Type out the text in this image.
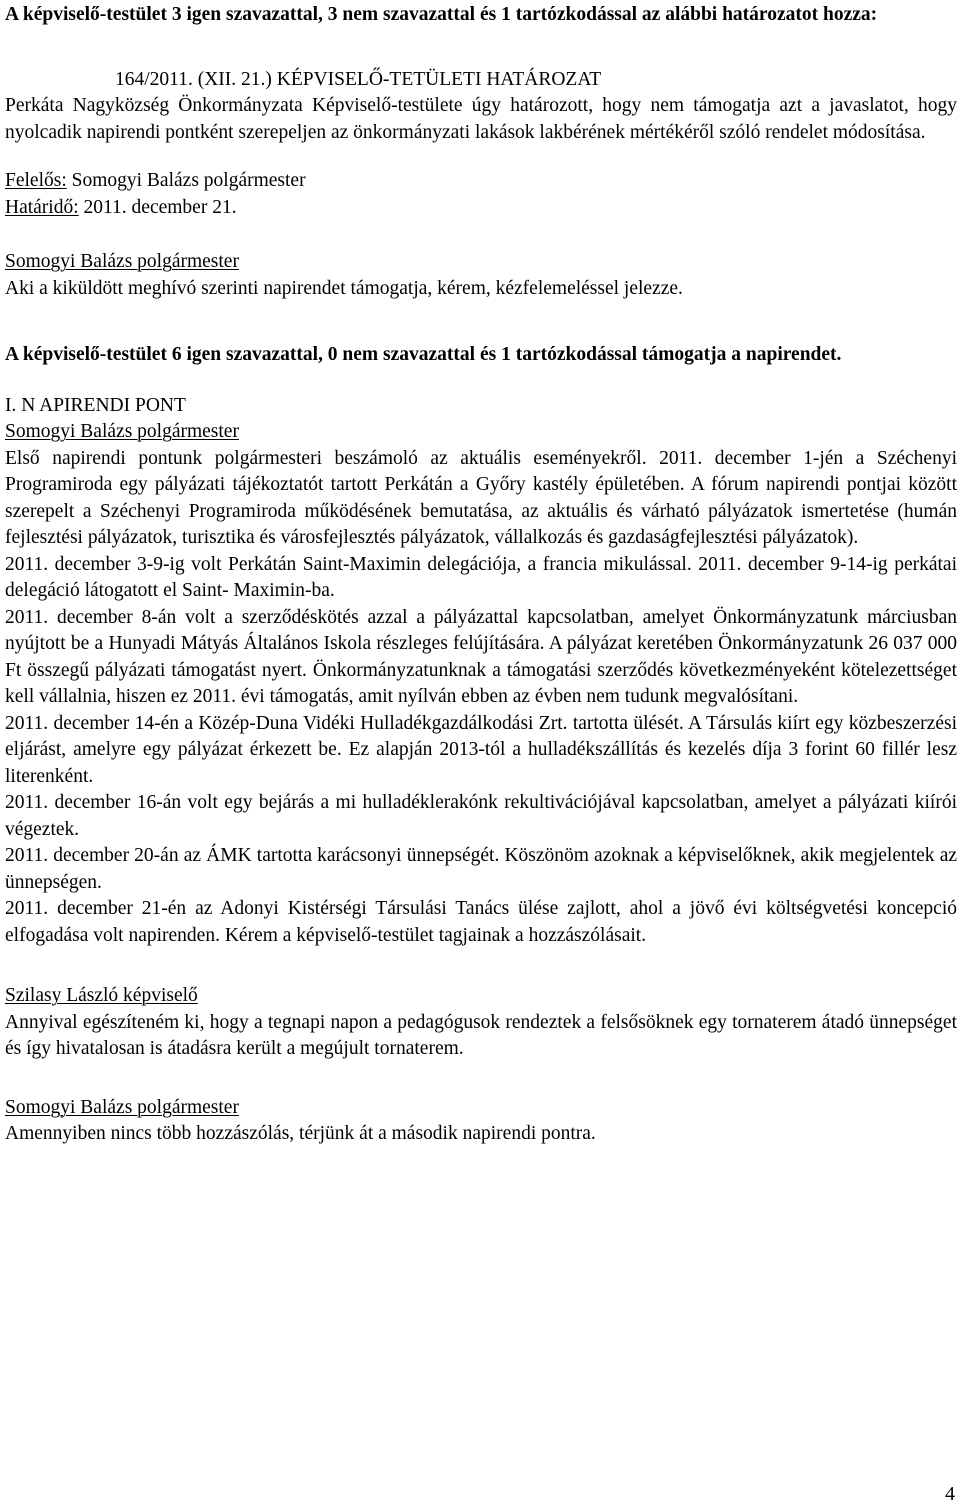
A képviselő-testület 3 igen szavazattal, 3 nem szavazattal és 1 tartózkodással az alábbi határozatot hozza:

164/2011. (XII. 21.) KÉPVISELŐ-TETÜLETI HATÁROZAT

Perkáta Nagyközség Önkormányzata Képviselő-testülete úgy határozott, hogy nem támogatja azt a javaslatot, hogy nyolcadik napirendi pontként szerepeljen az önkormányzati lakások lakbérének mértékéről szóló rendelet módosítása.

Felelős: Somogyi Balázs polgármester

Határidő: 2011. december 21.

Somogyi Balázs polgármester

Aki a kiküldött meghívó szerinti napirendet támogatja, kérem, kézfelemeléssel jelezze.

A képviselő-testület 6 igen szavazattal, 0 nem szavazattal és 1 tartózkodással támogatja a napirendet.

I. N APIRENDI PONT

Somogyi Balázs polgármester

Első napirendi pontunk polgármesteri beszámoló az aktuális eseményekről. 2011. december 1-jén a Széchenyi Programiroda egy pályázati tájékoztatót tartott Perkátán a Győry kastély épületében. A fórum napirendi pontjai között szerepelt a Széchenyi Programiroda működésének bemutatása, az aktuális és várható pályázatok ismertetése (humán fejlesztési pályázatok, turisztika és városfejlesztés pályázatok, vállalkozás és gazdaságfejlesztési pályázatok).

2011. december 3-9-ig volt Perkátán Saint-Maximin delegációja, a francia mikulással. 2011. december 9-14-ig perkátai delegáció látogatott el Saint- Maximin-ba.

2011. december 8-án volt a szerződéskötés azzal a pályázattal kapcsolatban, amelyet Önkormányzatunk márciusban nyújtott be a Hunyadi Mátyás Általános Iskola részleges felújítására. A pályázat keretében Önkormányzatunk 26 037 000 Ft összegű pályázati támogatást nyert. Önkormányzatunknak a támogatási szerződés következményeként kötelezettséget kell vállalnia, hiszen ez 2011. évi támogatás, amit nyílván ebben az évben nem tudunk megvalósítani.

2011. december 14-én a Közép-Duna Vidéki Hulladékgazdálkodási Zrt. tartotta ülését. A Társulás kiírt egy közbeszerzési eljárást, amelyre egy pályázat érkezett be. Ez alapján 2013-tól a hulladékszállítás és kezelés díja 3 forint 60 fillér lesz literenként.

2011. december 16-án volt egy bejárás a mi hulladéklerakónk rekultivációjával kapcsolatban, amelyet a pályázati kiírói végeztek.

2011. december 20-án az ÁMK tartotta karácsonyi ünnepségét. Köszönöm azoknak a képviselőknek, akik megjelentek az ünnepségen.

2011. december 21-én az Adonyi Kistérségi Társulási Tanács ülése zajlott, ahol a jövő évi költségvetési koncepció elfogadása volt napirenden. Kérem a képviselő-testület tagjainak a hozzászólásait.

Szilasy László képviselő

Annyival egészíteném ki, hogy a tegnapi napon a pedagógusok rendeztek a felsősöknek egy tornaterem átadó ünnepséget és így hivatalosan is átadásra került a megújult tornaterem.

Somogyi Balázs polgármester

Amennyiben nincs több hozzászólás, térjünk át a második napirendi pontra.

4
